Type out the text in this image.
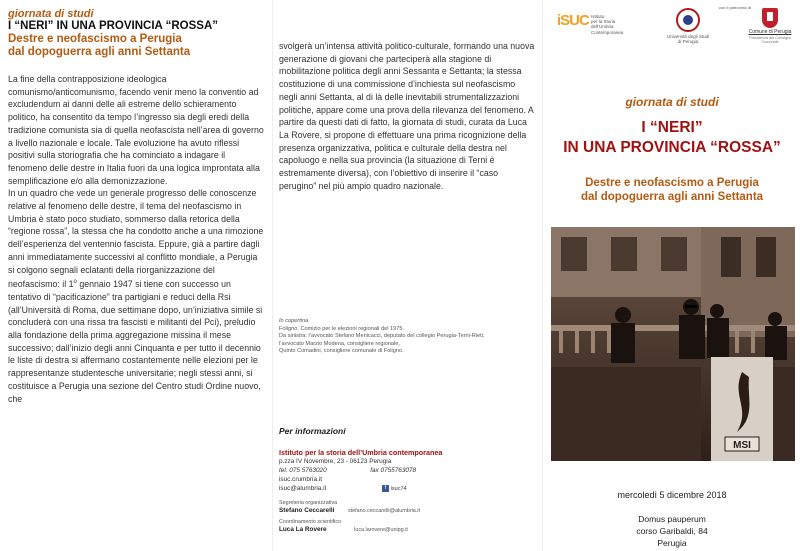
giornata di studi
I “NERI” IN UNA PROVINCIA “ROSSA”
Destre e neofascismo a Perugia
dal dopoguerra agli anni Settanta

La fine della contrapposizione ideologica comunismo/anticomunismo, facendo venir meno la conventio ad excludendum ai danni delle ali estreme dello schieramento politico, ha consentito da tempo l’ingresso sia degli eredi della tradizione comunista sia di quella neofascista nell’area di governo a livello nazionale e locale. Tale evoluzione ha avuto riflessi positivi sulla storiografia che ha cominciato a indagare il fenomeno delle destre in Italia fuori da una logica improntata alla semplificazione e/o alla demonizzazione.

In un quadro che vede un generale progresso delle conoscenze relative al fenomeno delle destre, il tema del neofascismo in Umbria è stato poco studiato, sommerso dalla retorica della “regione rossa”, la stessa che ha condotto anche a una rimozione dell’esperienza del ventennio fascista. Eppure, già a partire dagli anni immediatamente successivi al conflitto mondiale, a Perugia si colgono segnali eclatanti della riorganizzazione del neofascismo: il 1$^o$ gennaio 1947 si tiene con successo un tentativo di “pacificazione” tra partigiani e reduci della Rsi (all’Università di Roma, due settimane dopo, un’iniziativa simile si concluderà con una rissa tra fascisti e militanti del Pci), preludio alla fondazione della prima aggregazione missina il mese successivo; dall’inizio degli anni Cinquanta e per tutto il decennio le liste di destra si affermano costantemente nelle elezioni per le rappresentanze studentesche universitarie; negli stessi anni, si costituisce a Perugia una sezione del Centro studi Ordine nuovo, che

svolgerà un’intensa attività politico-culturale, formando una nuova generazione di giovani che parteciperà alla stagione di mobilitazione politica degli anni Sessanta e Settanta; la stessa costituzione di una commissione d’inchiesta sul neofascismo negli anni Settanta, al di là delle inevitabili strumentalizzazioni politiche, appare come una prova della rilevanza del fenomeno. A partire da questi dati di fatto, la giornata di studi, curata da Luca La Rovere, si propone di effettuare una prima ricognizione della presenza organizzativa, politica e culturale della destra nel capoluogo e nella sua provincia (la situazione di Terni è estremamente diversa), con l’obiettivo di inserire il “caso perugino” nel più ampio quadro nazionale.
In copertina
Foligno. Comizio per le elezioni regionali del 1975.
Da sinistra: l’avvocato Stefano Menicacci, deputato del collegio Perugia-Terni-Rieti,
l’avvocato Marzio Modena, consigliere regionale,
Quinto Comadini, consigliere comunale di Foligno.
Per informazioni
Istituto per la storia dell’Umbria contemporanea
p.zza IV Novembre, 23 - 06123 Perugia
tel. 075 5763020	fax 0755763078
isuc.crumbria.it
isuc@alumbria.it	f isuc74
Segreteria organizzativa
Stefano Ceccarelli	stefano.ceccarelli@alumbria.it
Coordinamento scientifico
Luca La Rovere	luca.larovere@unipg.it
iSUC Istituto
per la Storia
dell’Umbria
Contemporanea
Università degli Studi
di Perugia
con il patrocinio di
Comune di Perugia
Presidenza del Consiglio Comunale
giornata di studi
I “NERI”
IN UNA PROVINCIA “ROSSA”
Destre e neofascismo a Perugia
dal dopoguerra agli anni Settanta
MSI
mercoledì 5 dicembre 2018
Domus pauperum
corso Garibaldi, 84
Perugia
